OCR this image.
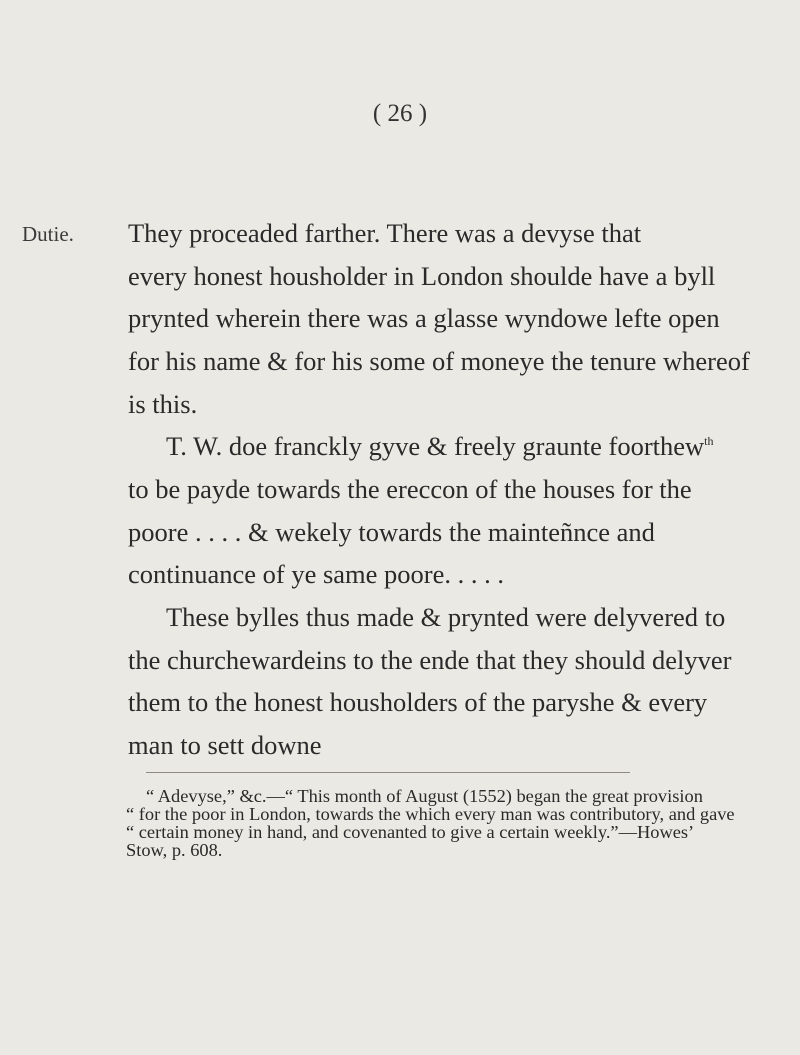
( 26 )
Dutie. They proceaded farther. There was a devyse that
every honest housholder in London shoulde have a byll
prynted wherein there was a glasse wyndowe lefte open
for his name & for his some of moneye the tenure whereof
is this.
T. W. doe franckly gyve & freely graunte foorthew$^{th}$
to be payde towards the ereccon of the houses for the
poore . . . . & wekely towards the mainteñnce and
continuance of ye same poore. . . . .
These bylles thus made & prynted were delyvered to
the churchewardeins to the ende that they should delyver
them to the honest housholders of the paryshe & every
man to sett downe
“ Adevyse,” &c.—“ This month of August (1552) began the great provision
“ for the poor in London, towards the which every man was contributory, and gave
“ certain money in hand, and covenanted to give a certain weekly.”—Howes’
Stow, p. 608.
